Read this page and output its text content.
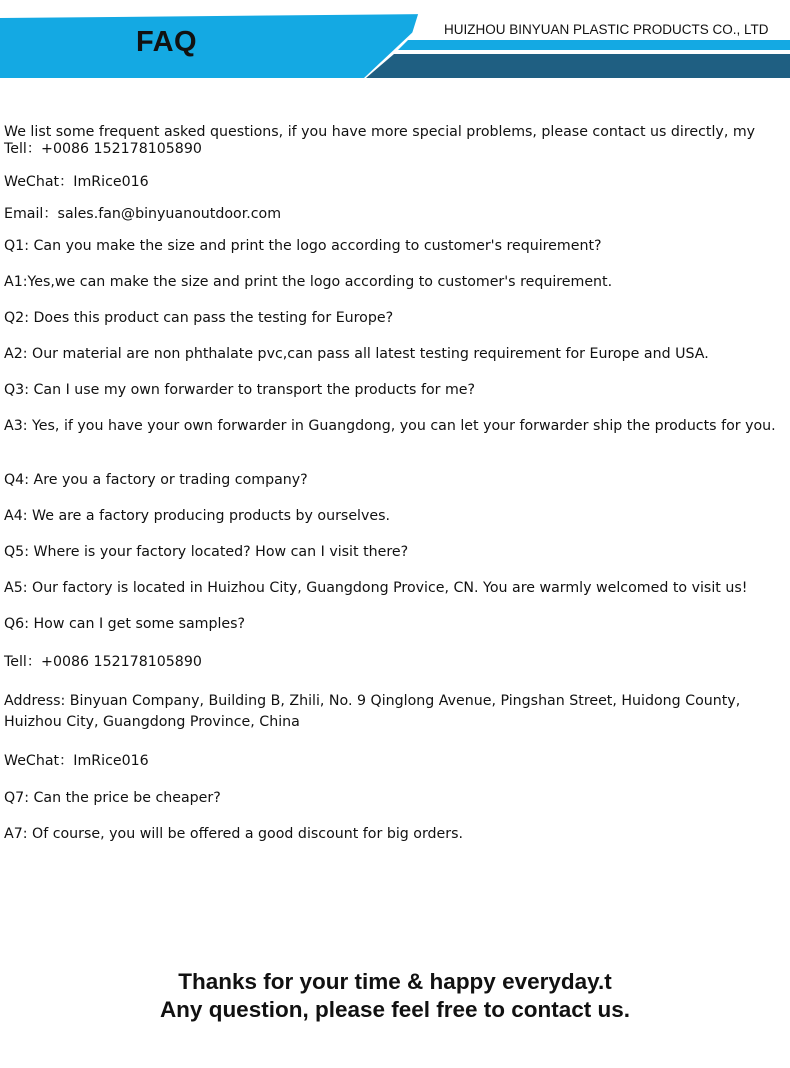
FAQ	HUIZHOU BINYUAN PLASTIC PRODUCTS CO., LTD
We list some frequent asked questions, if you have more special problems, please contact us directly, my
Tell：+0086 152178105890
WeChat：ImRice016
Email：sales.fan@binyuanoutdoor.com
Q1: Can you make the size and print the logo according to customer's requirement?
A1:Yes,we can make the size and print the logo according to customer's requirement.
Q2: Does this product can pass the testing for Europe?
A2: Our material are non phthalate pvc,can pass all latest testing requirement for Europe and USA.
Q3: Can I use my own forwarder to transport the products for me?
A3: Yes, if you have your own forwarder in Guangdong, you can let your forwarder ship the products for you.
Q4: Are you a factory or trading company?
A4: We are a factory producing products by ourselves.
Q5: Where is your factory located? How can I visit there?
A5: Our factory is located in Huizhou City, Guangdong Provice, CN. You are warmly welcomed to visit us!
Q6: How can I get some samples?
Tell：+0086 152178105890
Address: Binyuan Company, Building B, Zhili, No. 9 Qinglong Avenue, Pingshan Street, Huidong County, Huizhou City, Guangdong Province, China
WeChat：ImRice016
Q7: Can the price be cheaper?
A7: Of course, you will be offered a good discount for big orders.
Thanks for your time & happy everyday.t
Any question, please feel free to contact us.
